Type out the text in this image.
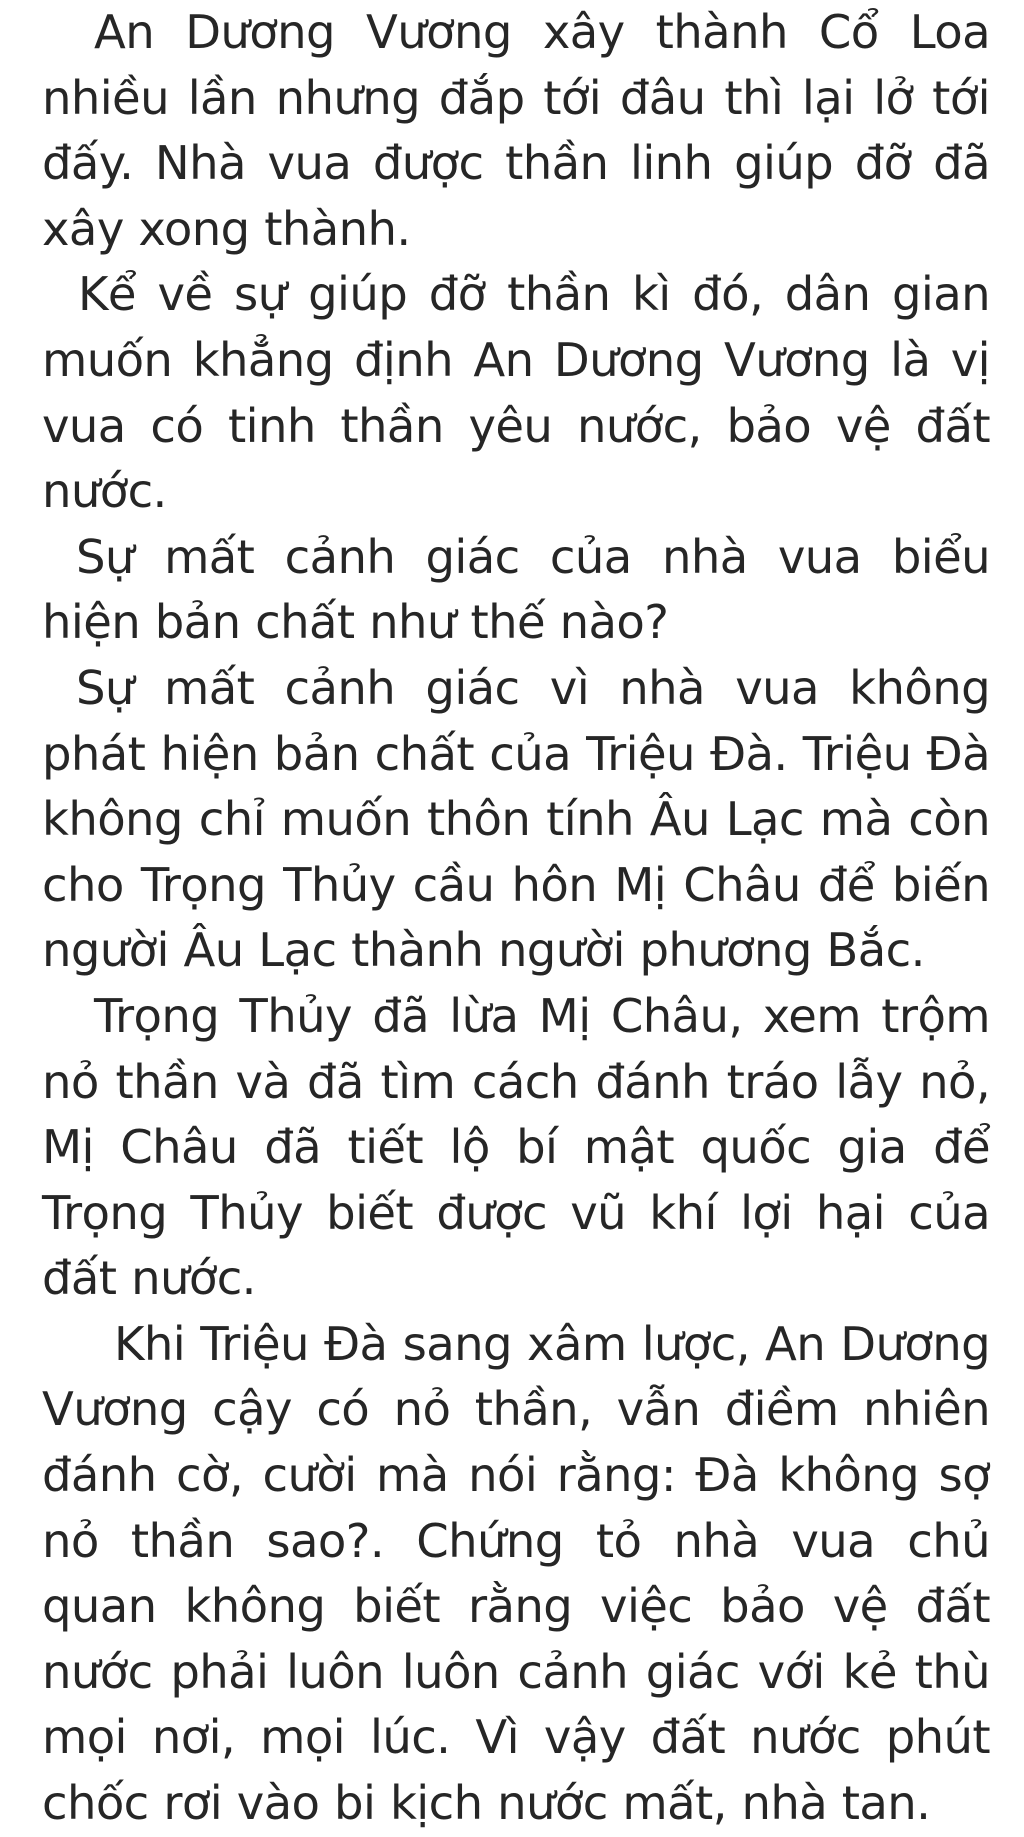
An Dương Vương xây thành Cổ Loa nhiều lần nhưng đắp tới đâu thì lại lở tới đấy. Nhà vua được thần linh giúp đỡ đã xây xong thành.

Kể về sự giúp đỡ thần kì đó, dân gian muốn khẳng định An Dương Vương là vị vua có tinh thần yêu nước, bảo vệ đất nước.

Sự mất cảnh giác của nhà vua biểu hiện bản chất như thế nào?

Sự mất cảnh giác vì nhà vua không phát hiện bản chất của Triệu Đà. Triệu Đà không chỉ muốn thôn tính Âu Lạc mà còn cho Trọng Thủy cầu hôn Mị Châu để biến người Âu Lạc thành người phương Bắc.

Trọng Thủy đã lừa Mị Châu, xem trộm nỏ thần và đã tìm cách đánh tráo lẫy nỏ, Mị Châu đã tiết lộ bí mật quốc gia để Trọng Thủy biết được vũ khí lợi hại của đất nước.

Khi Triệu Đà sang xâm lược, An Dương Vương cậy có nỏ thần, vẫn điềm nhiên đánh cờ, cười mà nói rằng: Đà không sợ nỏ thần sao?. Chứng tỏ nhà vua chủ quan không biết rằng việc bảo vệ đất nước phải luôn luôn cảnh giác với kẻ thù mọi nơi, mọi lúc. Vì vậy đất nước phút chốc rơi vào bi kịch nước mất, nhà tan.
